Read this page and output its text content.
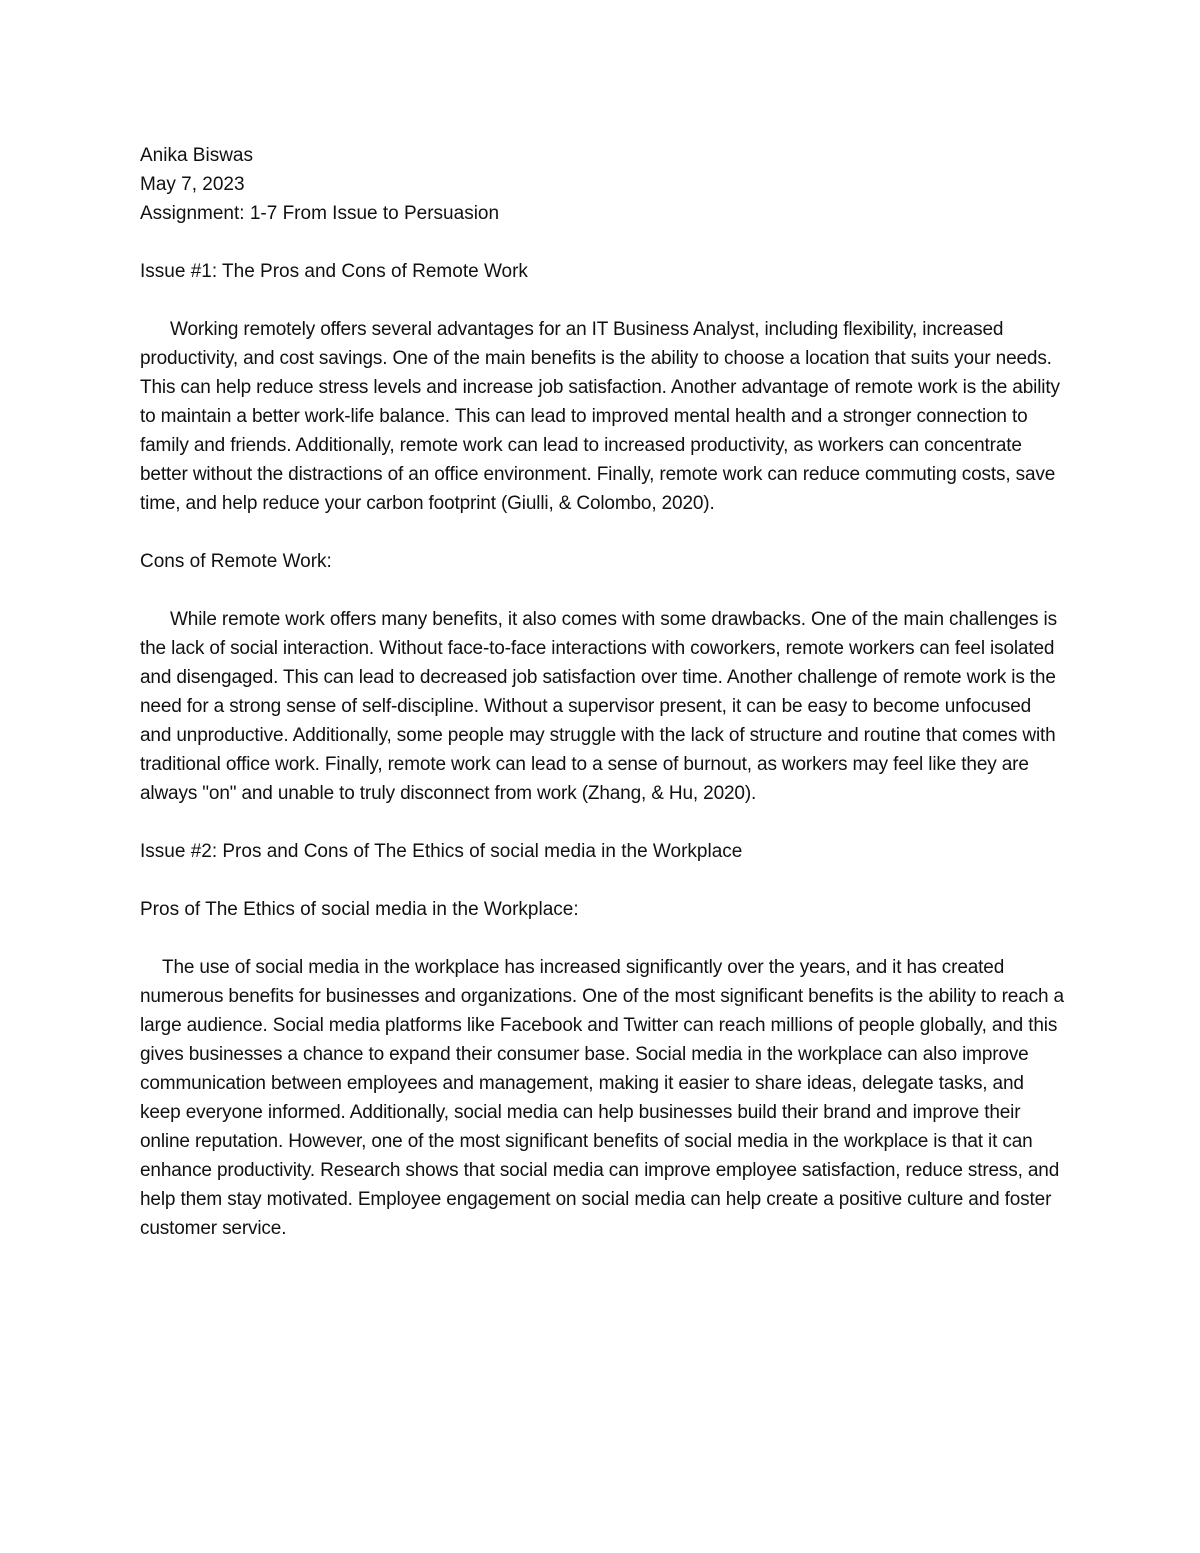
Anika Biswas

May 7, 2023

Assignment: 1-7 From Issue to Persuasion

Issue #1: The Pros and Cons of Remote Work

Working remotely offers several advantages for an IT Business Analyst, including flexibility, increased productivity, and cost savings. One of the main benefits is the ability to choose a location that suits your needs. This can help reduce stress levels and increase job satisfaction. Another advantage of remote work is the ability to maintain a better work-life balance. This can lead to improved mental health and a stronger connection to family and friends. Additionally, remote work can lead to increased productivity, as workers can concentrate better without the distractions of an office environment. Finally, remote work can reduce commuting costs, save time, and help reduce your carbon footprint (Giulli, & Colombo, 2020).

Cons of Remote Work:

While remote work offers many benefits, it also comes with some drawbacks. One of the main challenges is the lack of social interaction. Without face-to-face interactions with coworkers, remote workers can feel isolated and disengaged. This can lead to decreased job satisfaction over time. Another challenge of remote work is the need for a strong sense of self-discipline. Without a supervisor present, it can be easy to become unfocused and unproductive. Additionally, some people may struggle with the lack of structure and routine that comes with traditional office work. Finally, remote work can lead to a sense of burnout, as workers may feel like they are always "on" and unable to truly disconnect from work (Zhang, & Hu, 2020).

Issue #2: Pros and Cons of The Ethics of social media in the Workplace

Pros of The Ethics of social media in the Workplace:

The use of social media in the workplace has increased significantly over the years, and it has created numerous benefits for businesses and organizations. One of the most significant benefits is the ability to reach a large audience. Social media platforms like Facebook and Twitter can reach millions of people globally, and this gives businesses a chance to expand their consumer base. Social media in the workplace can also improve communication between employees and management, making it easier to share ideas, delegate tasks, and keep everyone informed. Additionally, social media can help businesses build their brand and improve their online reputation. However, one of the most significant benefits of social media in the workplace is that it can enhance productivity. Research shows that social media can improve employee satisfaction, reduce stress, and help them stay motivated. Employee engagement on social media can help create a positive culture and foster customer service.
